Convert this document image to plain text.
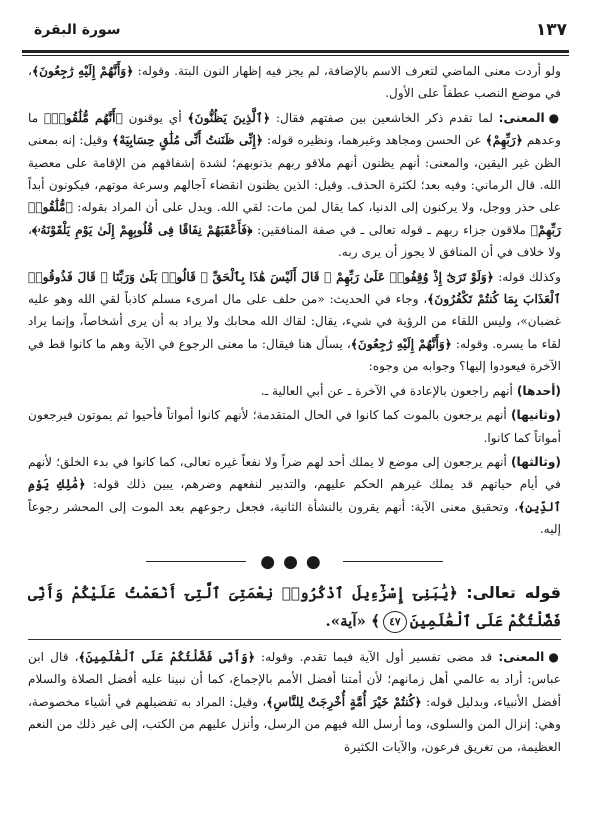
١٣٧
سورة البقرة

ولو أردت معنى الماضي لتعرف الاسم بالإضافة، لم يجز فيه إظهار النون البتة. وقوله: ﴿وَأَنَّهُمْ إِلَيْهِ رَٰجِعُونَ﴾، في موضع النصب عطفاً على الأول.

●المعنى: لما تقدم ذكر الخاشعين بين صفتهم فقال: ﴿ٱلَّذِينَ يَظُنُّونَ﴾ أي يوقنون ﴿أَنَّهُم مُّلَٰقُوا۟﴾ ما وعدهم ﴿رَبِّهِمْ﴾ عن الحسن ومجاهد وغيرهما، ونظيره قوله: ﴿إِنِّى ظَنَنتُ أَنِّى مُلَٰقٍ حِسَابِيَهْ﴾ وقيل: إنه بمعنى الظن غير اليقين، والمعنى: أنهم يظنون أنهم ملاقو ربهم بذنوبهم؛ لشدة إشفاقهم من الإقامة على معصية الله. قال الرماني: وفيه بعد؛ لكثرة الحذف. وقيل: الذين يظنون انقضاء آجالهم وسرعة موتهم، فيكونون أبداً على حذر ووجل، ولا يركنون إلى الدنيا، كما يقال لمن مات: لقي الله. ويدل على أن المراد بقوله: ﴿مُّلَٰقُوا۟ رَبِّهِمْ﴾ ملاقون جزاء ربهم ـ قوله تعالى ـ في صفة المنافقين: ﴿فَأَعْقَبَهُمْ نِفَاقًا فِى قُلُوبِهِمْ إِلَىٰ يَوْمِ يَلْقَوْنَهُۥ﴾، ولا خلاف في أن المنافق لا يجوز أن يرى ربه.

وكذلك قوله: ﴿وَلَوْ تَرَىٰٓ إِذْ وُقِفُوا۟ عَلَىٰ رَبِّهِمْ ۚ قَالَ أَلَيْسَ هَٰذَا بِٱلْحَقِّ ۚ قَالُوا۟ بَلَىٰ وَرَبِّنَا ۚ قَالَ فَذُوقُوا۟ ٱلْعَذَابَ بِمَا كُنتُمْ تَكْفُرُونَ﴾، وجاء في الحديث: «من حلف على مال امرىء مسلم كاذباً لقي الله وهو عليه غضبان»، وليس اللقاء من الرؤية في شيء، يقال: لقاك الله محابك ولا يراد به أن يرى أشخاصاً، وإنما يراد لقاء ما يسره. وقوله: ﴿وَأَنَّهُمْ إِلَيْهِ رَٰجِعُونَ﴾، يسأل هنا فيقال: ما معنى الرجوع في الآية وهم ما كانوا قط في الآخرة فيعودوا إليها؟ وجوابه من وجوه:

(أحدها) أنهم راجعون بالإعادة في الآخرة ـ عن أبي العالية ـ.

(وثانيها) أنهم يرجعون بالموت كما كانوا في الحال المتقدمة؛ لأنهم كانوا أمواتاً فأحيوا ثم يموتون فيرجعون أمواتاً كما كانوا.

(وثالثها) أنهم يرجعون إلى موضع لا يملك أحد لهم ضراً ولا نفعاً غيره تعالى، كما كانوا في بدء الخلق؛ لأنهم في أيام حياتهم قد يملك غيرهم الحكم عليهم، والتدبير لنفعهم وضرهم، يبين ذلك قوله: ﴿مَٰلِكِ يَوْمِ ٱلدِّينِ﴾، وتحقيق معنى الآية: أنهم يقرون بالنشأة الثانية، فجعل رجوعهم بعد الموت إلى المحشر رجوعاً إليه.

●●●
قوله تعالى: ﴿يَٰبَنِىٓ إِسْرَٰٓءِيلَ ٱذْكُرُوا۟ نِعْمَتِىَ ٱلَّتِىٓ أَنْعَمْتُ عَلَيْكُمْ وَأَنِّى فَضَّلْتُكُمْ عَلَى ٱلْعَٰلَمِينَ٤٧﴾ «آية».

●المعنى: قد مضى تفسير أول الآية فيما تقدم. وقوله: ﴿وَأَنِّى فَضَّلْتُكُمْ عَلَى ٱلْعَٰلَمِينَ﴾، قال ابن عباس: أراد به عالمي أهل زمانهم؛ لأن أمتنا أفضل الأمم بالإجماع، كما أن نبينا عليه أفضل الصلاة والسلام أفضل الأنبياء، وبدليل قوله: ﴿كُنتُمْ خَيْرَ أُمَّةٍ أُخْرِجَتْ لِلنَّاسِ﴾، وقيل: المراد به تفضيلهم في أشياء مخصوصة، وهي: إنزال المن والسلوى، وما أرسل الله فيهم من الرسل، وأنزل عليهم من الكتب، إلى غير ذلك من النعم العظيمة، من تغريق فرعون، والآيات الكثيرة
